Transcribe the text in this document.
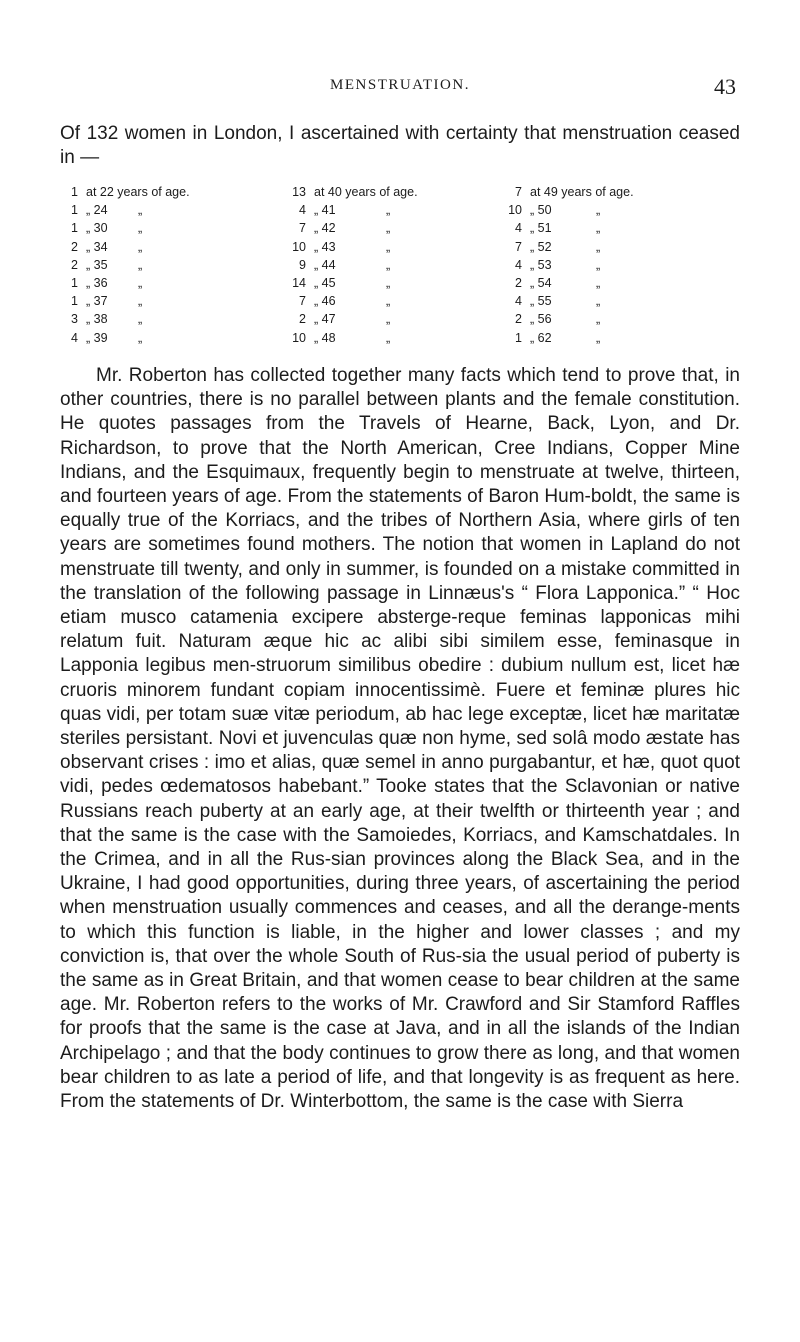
MENSTRUATION.	43

Of 132 women in London, I ascertained with certainty that menstruation ceased in —

1 at 22 years of age.
1 „ 24 „
1 „ 30 „
2 „ 34 „
2 „ 35 „
1 „ 36 „
1 „ 37 „
3 „ 38 „
4 „ 39 „
13 at 40 years of age.
4 „ 41	„
7 „ 42	„
10 „ 43	„
9 „ 44	„
14 „ 45	„
7 „ 46	„
2 „ 47	„
10 „ 48	„
7 at 49 years of age.
10 „ 50	„
4 „ 51	„
7 „ 52	„
4 „ 53	„
2 „ 54	„
4 „ 55	„
2 „ 56	„
1 „ 62	„

Mr. Roberton has collected together many facts which tend to prove that, in other countries, there is no parallel between plants and the female constitution. He quotes passages from the Travels of Hearne, Back, Lyon, and Dr. Richardson, to prove that the North American, Cree Indians, Copper Mine Indians, and the Esquimaux, frequently begin to menstruate at twelve, thirteen, and fourteen years of age. From the statements of Baron Hum-boldt, the same is equally true of the Korriacs, and the tribes of Northern Asia, where girls of ten years are sometimes found mothers. The notion that women in Lapland do not menstruate till twenty, and only in summer, is founded on a mistake committed in the translation of the following passage in Linnæus's “ Flora Lapponica.” “ Hoc etiam musco catamenia excipere absterge-reque feminas lapponicas mihi relatum fuit. Naturam æque hic ac alibi sibi similem esse, feminasque in Lapponia legibus men-struorum similibus obedire : dubium nullum est, licet hæ cruoris minorem fundant copiam innocentissimè. Fuere et feminæ plures hic quas vidi, per totam suæ vitæ periodum, ab hac lege exceptæ, licet hæ maritatæ steriles persistant. Novi et juvenculas quæ non hyme, sed solâ modo æstate has observant crises : imo et alias, quæ semel in anno purgabantur, et hæ, quot quot vidi, pedes œdematosos habebant.” Tooke states that the Sclavonian or native Russians reach puberty at an early age, at their twelfth or thirteenth year ; and that the same is the case with the Samoiedes, Korriacs, and Kamschatdales. In the Crimea, and in all the Rus-sian provinces along the Black Sea, and in the Ukraine, I had good opportunities, during three years, of ascertaining the period when menstruation usually commences and ceases, and all the derange-ments to which this function is liable, in the higher and lower classes ; and my conviction is, that over the whole South of Rus-sia the usual period of puberty is the same as in Great Britain, and that women cease to bear children at the same age. Mr. Roberton refers to the works of Mr. Crawford and Sir Stamford Raffles for proofs that the same is the case at Java, and in all the islands of the Indian Archipelago ; and that the body continues to grow there as long, and that women bear children to as late a period of life, and that longevity is as frequent as here. From the statements of Dr. Winterbottom, the same is the case with Sierra
